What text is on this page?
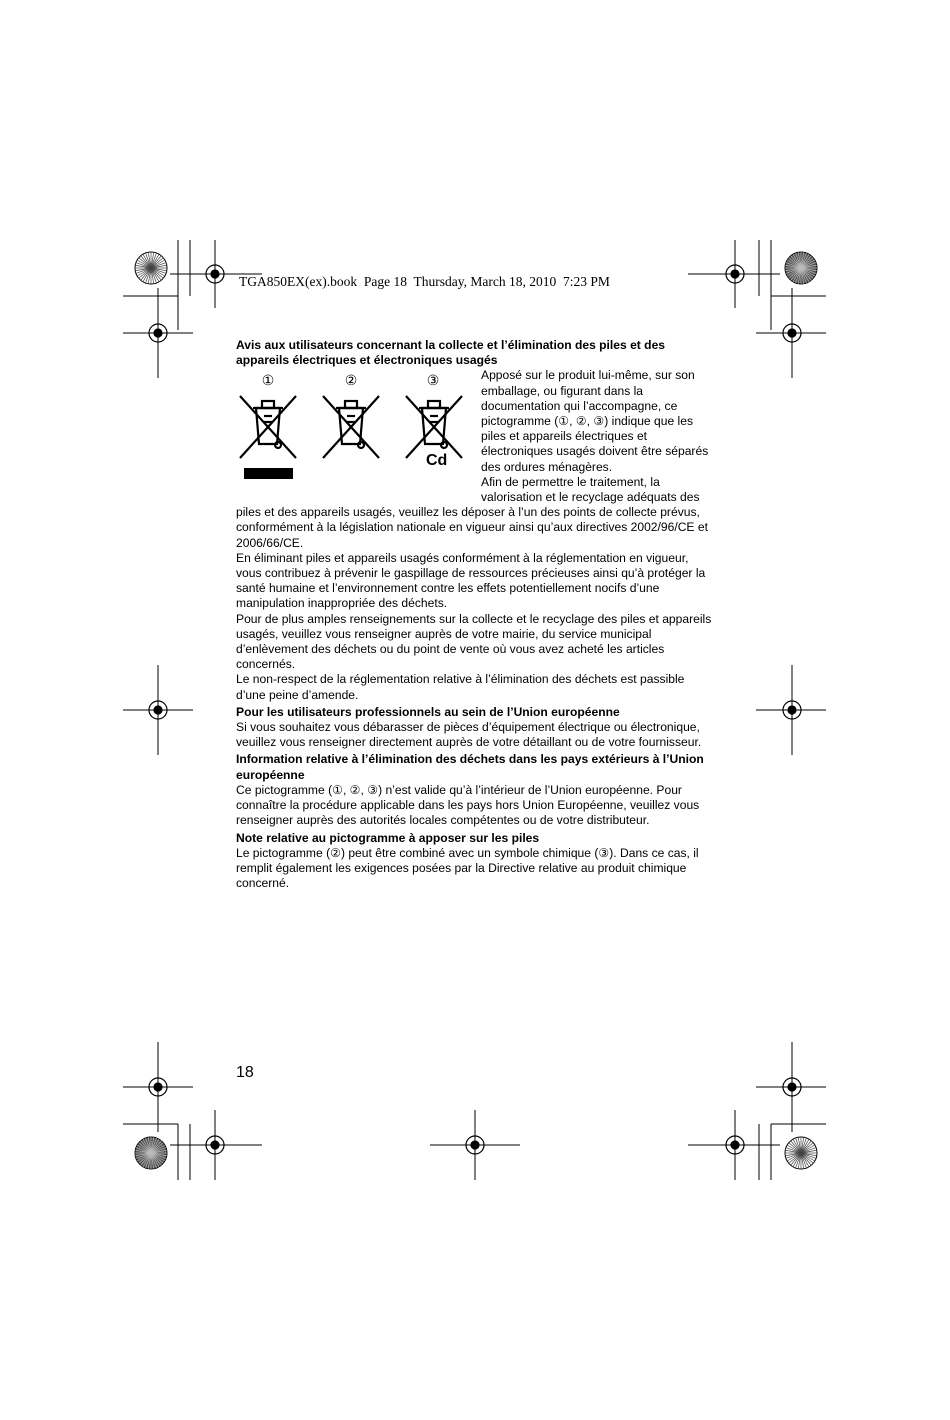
TGA850EX(ex).book  Page 18  Thursday, March 18, 2010  7:23 PM

Avis aux utilisateurs concernant la collecte et l’élimination des piles et des appareils électriques et électroniques usagés

①	②	③
Cd

Apposé sur le produit lui-même, sur son emballage, ou figurant dans la documentation qui l’accompagne, ce pictogramme (①, ②, ③) indique que les piles et appareils électriques et électroniques usagés doivent être séparés des ordures ménagères.

Afin de permettre le traitement, la valorisation et le recyclage adéquats des piles et des appareils usagés, veuillez les déposer à l’un des points de collecte prévus, conformément à la législation nationale en vigueur ainsi qu’aux directives 2002/96/CE et 2006/66/CE.

En éliminant piles et appareils usagés conformément à la réglementation en vigueur, vous contribuez à prévenir le gaspillage de ressources précieuses ainsi qu’à protéger la santé humaine et l’environnement contre les effets potentiellement nocifs d’une manipulation inappropriée des déchets.

Pour de plus amples renseignements sur la collecte et le recyclage des piles et appareils usagés, veuillez vous renseigner auprès de votre mairie, du service municipal d’enlèvement des déchets ou du point de vente où vous avez acheté les articles concernés.

Le non-respect de la réglementation relative à l’élimination des déchets est passible d’une peine d’amende.

Pour les utilisateurs professionnels au sein de l’Union européenne

Si vous souhaitez vous débarasser de pièces d’équipement électrique ou électronique, veuillez vous renseigner directement auprès de votre détaillant ou de votre fournisseur.

Information relative à l’élimination des déchets dans les pays extérieurs à l’Union européenne

Ce pictogramme (①, ②, ③) n’est valide qu’à l’intérieur de l’Union européenne. Pour connaître la procédure applicable dans les pays hors Union Européenne, veuillez vous renseigner auprès des autorités locales compétentes ou de votre distributeur.

Note relative au pictogramme à apposer sur les piles

Le pictogramme (②) peut être combiné avec un symbole chimique (③). Dans ce cas, il remplit également les exigences posées par la Directive relative au produit chimique concerné.

18
